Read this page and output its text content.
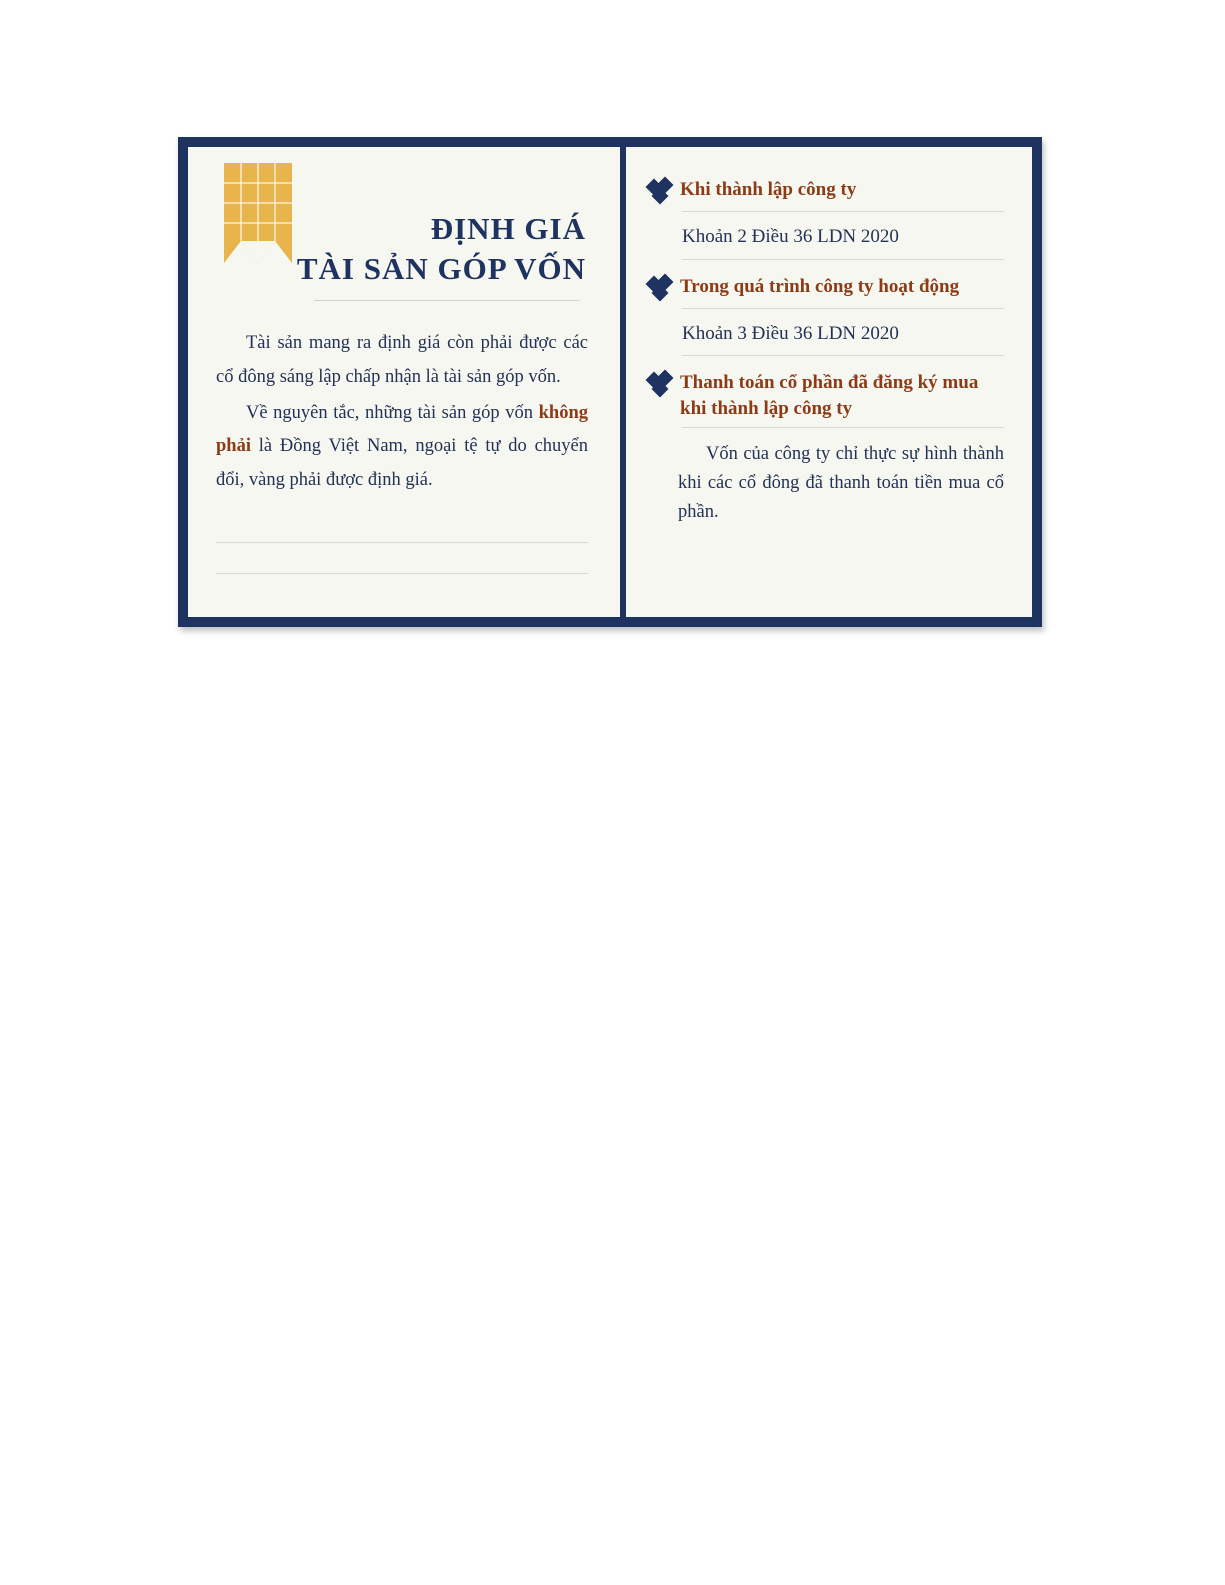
ĐỊNH GIÁ
TÀI SẢN GÓP VỐN

Tài sản mang ra định giá còn phải được các cổ đông sáng lập chấp nhận là tài sản góp vốn.

Về nguyên tắc, những tài sản góp vốn không phải là Đồng Việt Nam, ngoại tệ tự do chuyển đổi, vàng phải được định giá.

Khi thành lập công ty
Khoản 2 Điều 36 LDN 2020
Trong quá trình công ty hoạt động
Khoản 3 Điều 36 LDN 2020
Thanh toán cổ phần đã đăng ký mua khi thành lập công ty
Vốn của công ty chỉ thực sự hình thành khi các cổ đông đã thanh toán tiền mua cổ phần.
